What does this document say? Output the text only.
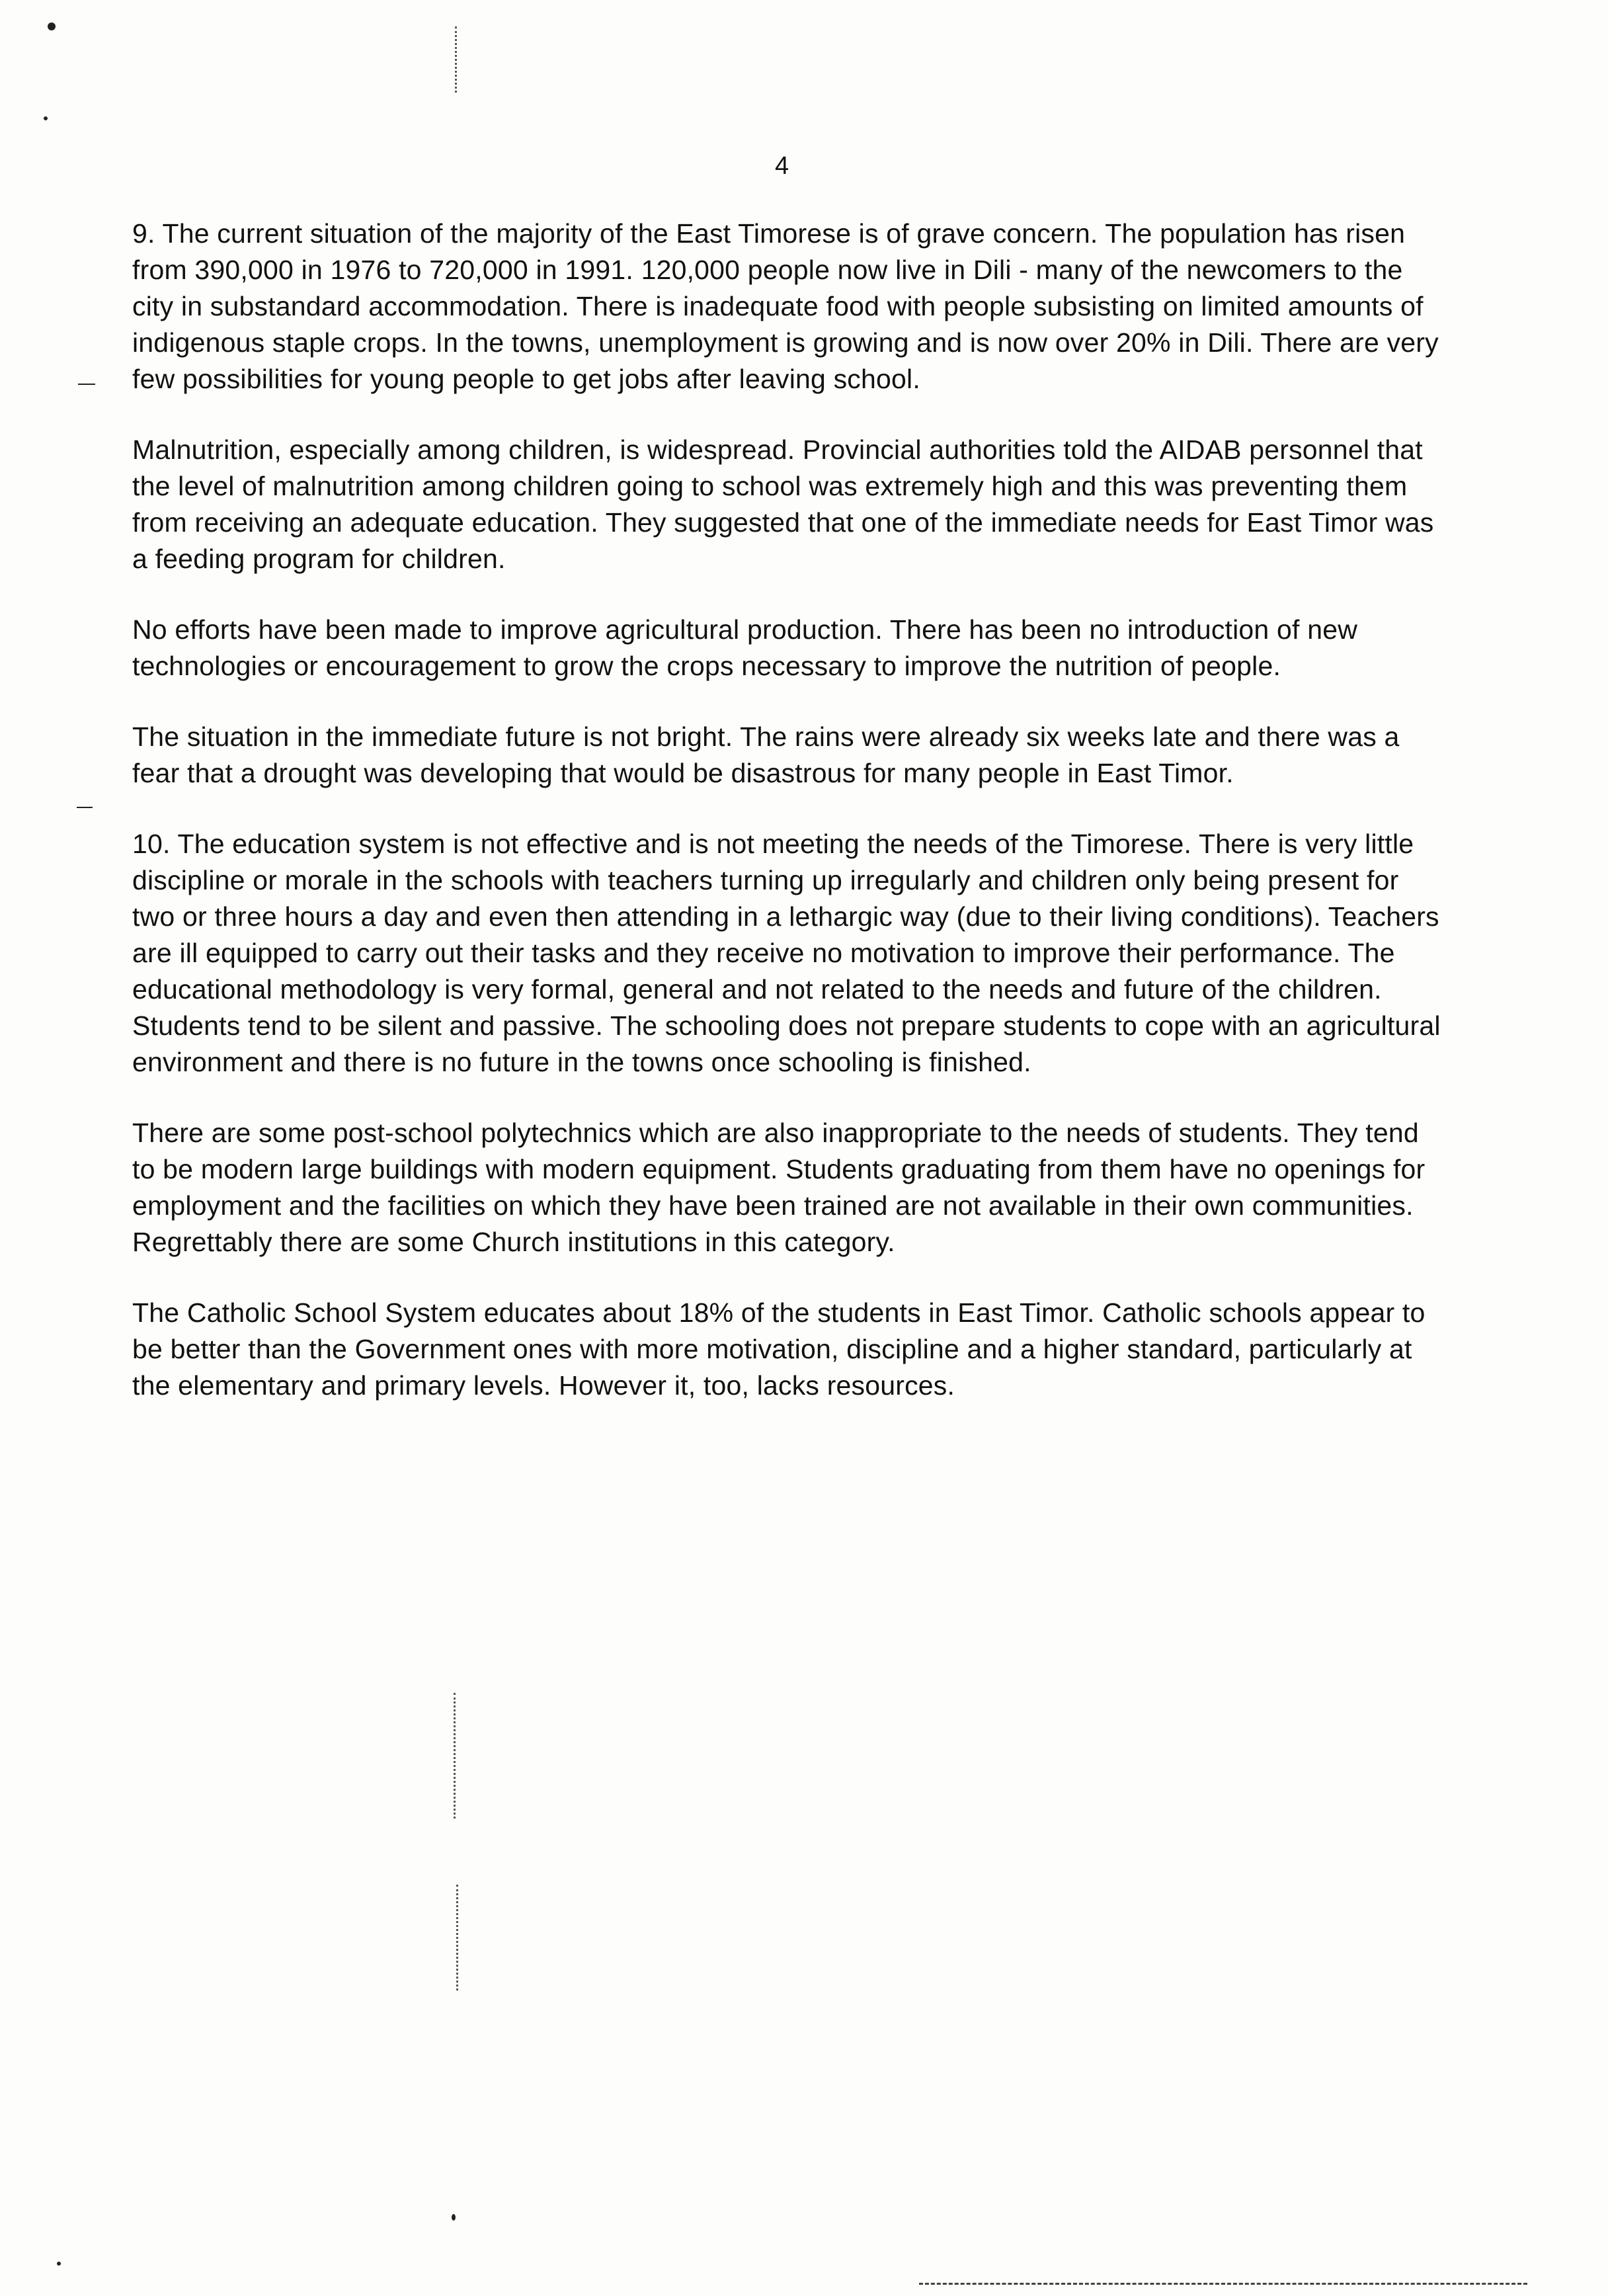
4

9. The current situation of the majority of the East Timorese is of grave concern. The population has risen from 390,000 in 1976 to 720,000 in 1991. 120,000 people now live in Dili - many of the newcomers to the city in substandard accommodation. There is inadequate food with people subsisting on limited amounts of indigenous staple crops. In the towns, unemployment is growing and is now over 20% in Dili. There are very few possibilities for young people to get jobs after leaving school.

Malnutrition, especially among children, is widespread. Provincial authorities told the AIDAB personnel that the level of malnutrition among children going to school was extremely high and this was preventing them from receiving an adequate education. They suggested that one of the immediate needs for East Timor was a feeding program for children.

No efforts have been made to improve agricultural production. There has been no introduction of new technologies or encouragement to grow the crops necessary to improve the nutrition of people.

The situation in the immediate future is not bright. The rains were already six weeks late and there was a fear that a drought was developing that would be disastrous for many people in East Timor.

10. The education system is not effective and is not meeting the needs of the Timorese. There is very little discipline or morale in the schools with teachers turning up irregularly and children only being present for two or three hours a day and even then attending in a lethargic way (due to their living conditions). Teachers are ill equipped to carry out their tasks and they receive no motivation to improve their performance. The educational methodology is very formal, general and not related to the needs and future of the children. Students tend to be silent and passive. The schooling does not prepare students to cope with an agricultural environment and there is no future in the towns once schooling is finished.

There are some post-school polytechnics which are also inappropriate to the needs of students. They tend to be modern large buildings with modern equipment. Students graduating from them have no openings for employment and the facilities on which they have been trained are not available in their own communities. Regrettably there are some Church institutions in this category.

The Catholic School System educates about 18% of the students in East Timor. Catholic schools appear to be better than the Government ones with more motivation, discipline and a higher standard, particularly at the elementary and primary levels. However it, too, lacks resources.
